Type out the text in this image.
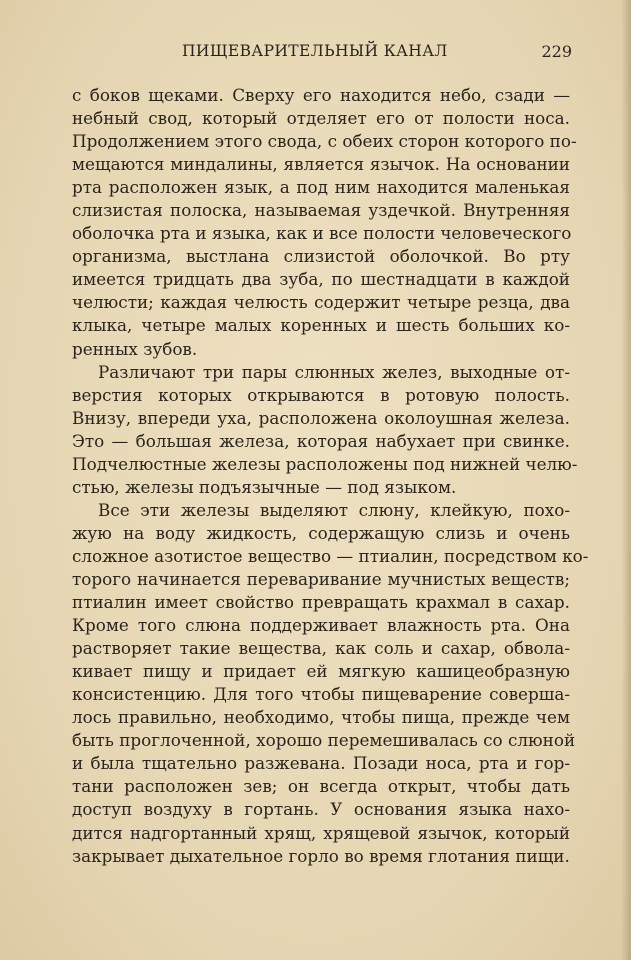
ПИЩЕВАРИТЕЛЬНЫЙ КАНАЛ	229
с боков щеками. Сверху его находится небо, сзади —
небный свод, который отделяет его от полости носа.
Продолжением этого свода, с обеих сторон которого по-
мещаются миндалины, является язычок. На основании
рта расположен язык, а под ним находится маленькая
слизистая полоска, называемая уздечкой. Внутренняя
оболочка рта и языка, как и все полости человеческого
организма, выстлана слизистой оболочкой. Во рту
имеется тридцать два зуба, по шестнадцати в каждой
челюсти; каждая челюсть содержит четыре резца, два
клыка, четыре малых коренных и шесть больших ко-
ренных зубов.
Различают три пары слюнных желез, выходные от-
верстия которых открываются в ротовую полость.
Внизу, впереди уха, расположена околоушная железа.
Это — большая железа, которая набухает при свинке.
Подчелюстные железы расположены под нижней челю-
стью, железы подъязычные — под языком.
Все эти железы выделяют слюну, клейкую, похо-
жую на воду жидкость, содержащую слизь и очень
сложное азотистое вещество — птиалин, посредством ко-
торого начинается переваривание мучнистых веществ;
птиалин имеет свойство превращать крахмал в сахар.
Кроме того слюна поддерживает влажность рта. Она
растворяет такие вещества, как соль и сахар, обвола-
кивает пищу и придает ей мягкую кашицеобразную
консистенцию. Для того чтобы пищеварение соверша-
лось правильно, необходимо, чтобы пища, прежде чем
быть проглоченной, хорошо перемешивалась со слюной
и была тщательно разжевана. Позади носа, рта и гор-
тани расположен зев; он всегда открыт, чтобы дать
доступ воздуху в гортань. У основания языка нахо-
дится надгортанный хрящ, хрящевой язычок, который
закрывает дыхательное горло во время глотания пищи.
